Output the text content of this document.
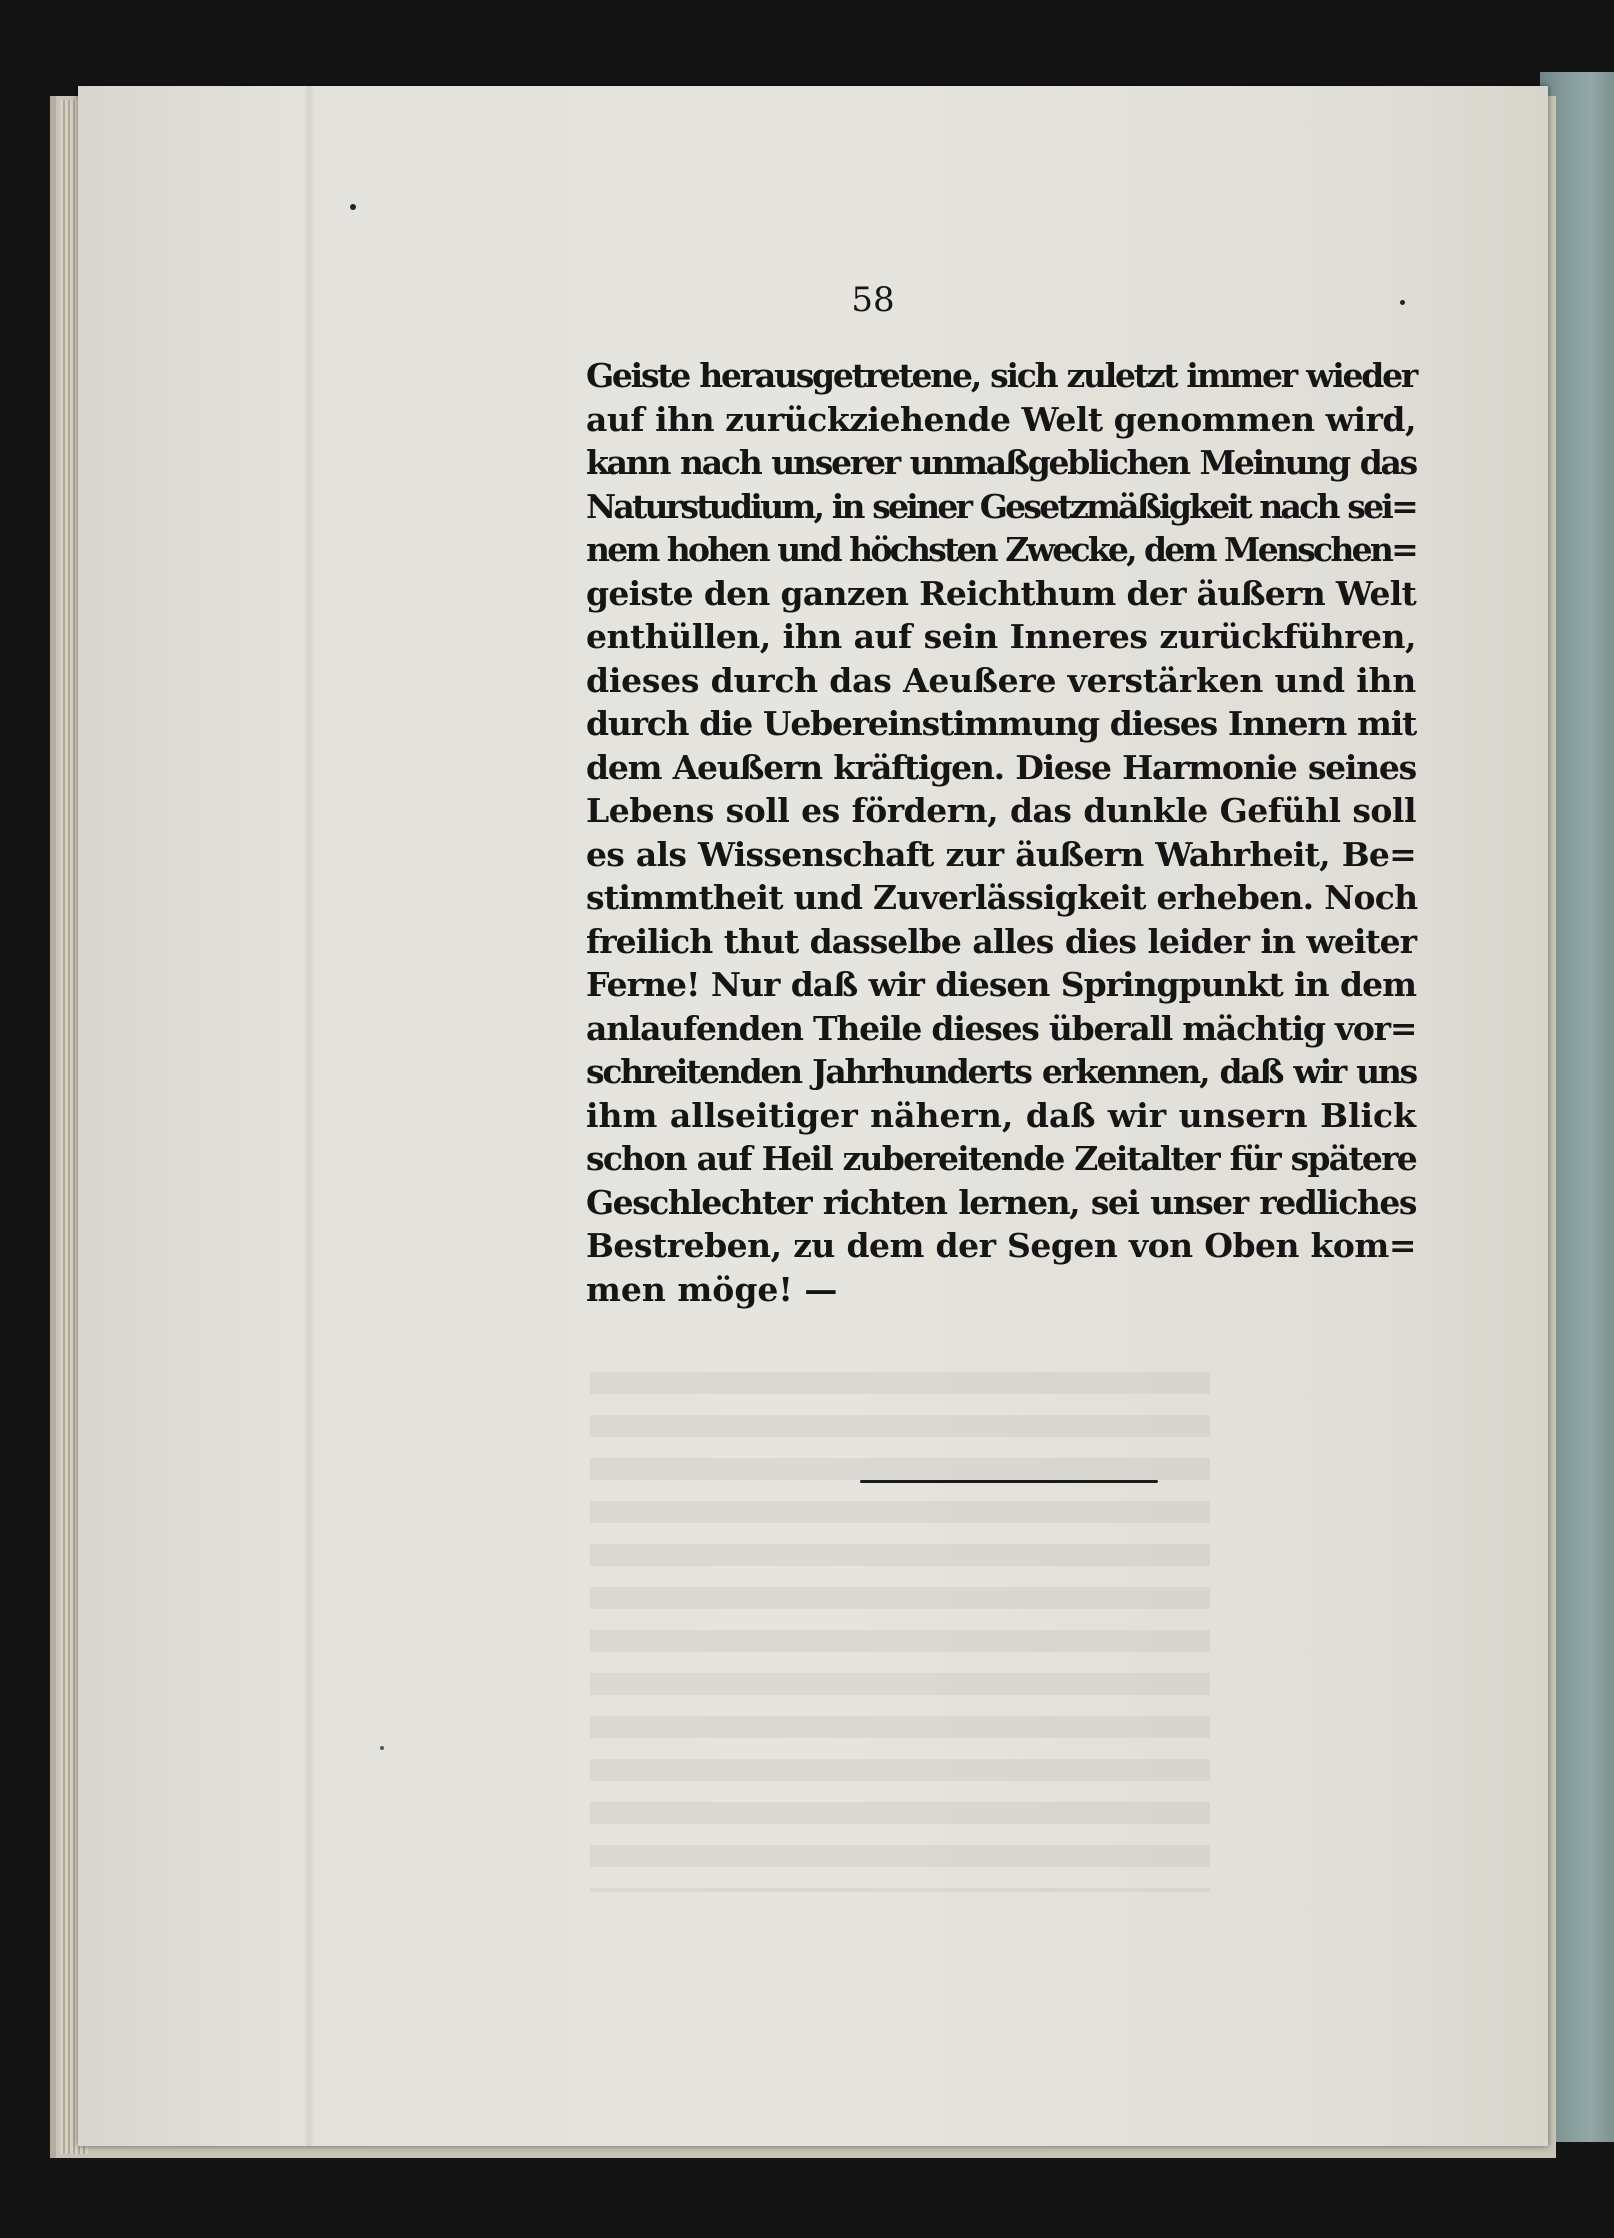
58
Geiste herausgetretene, sich zuletzt immer wieder
auf ihn zurückziehende Welt genommen wird,
kann nach unserer unmaßgeblichen Meinung das
Naturstudium, in seiner Gesetzmäßigkeit nach sei=
nem hohen und höchsten Zwecke, dem Menschen=
geiste den ganzen Reichthum der äußern Welt
enthüllen, ihn auf sein Inneres zurückführen,
dieses durch das Aeußere verstärken und ihn
durch die Uebereinstimmung dieses Innern mit
dem Aeußern kräftigen. Diese Harmonie seines
Lebens soll es fördern, das dunkle Gefühl soll
es als Wissenschaft zur äußern Wahrheit, Be=
stimmtheit und Zuverlässigkeit erheben. Noch
freilich thut dasselbe alles dies leider in weiter
Ferne! Nur daß wir diesen Springpunkt in dem
anlaufenden Theile dieses überall mächtig vor=
schreitenden Jahrhunderts erkennen, daß wir uns
ihm allseitiger nähern, daß wir unsern Blick
schon auf Heil zubereitende Zeitalter für spätere
Geschlechter richten lernen, sei unser redliches
Bestreben, zu dem der Segen von Oben kom=
men möge! —
